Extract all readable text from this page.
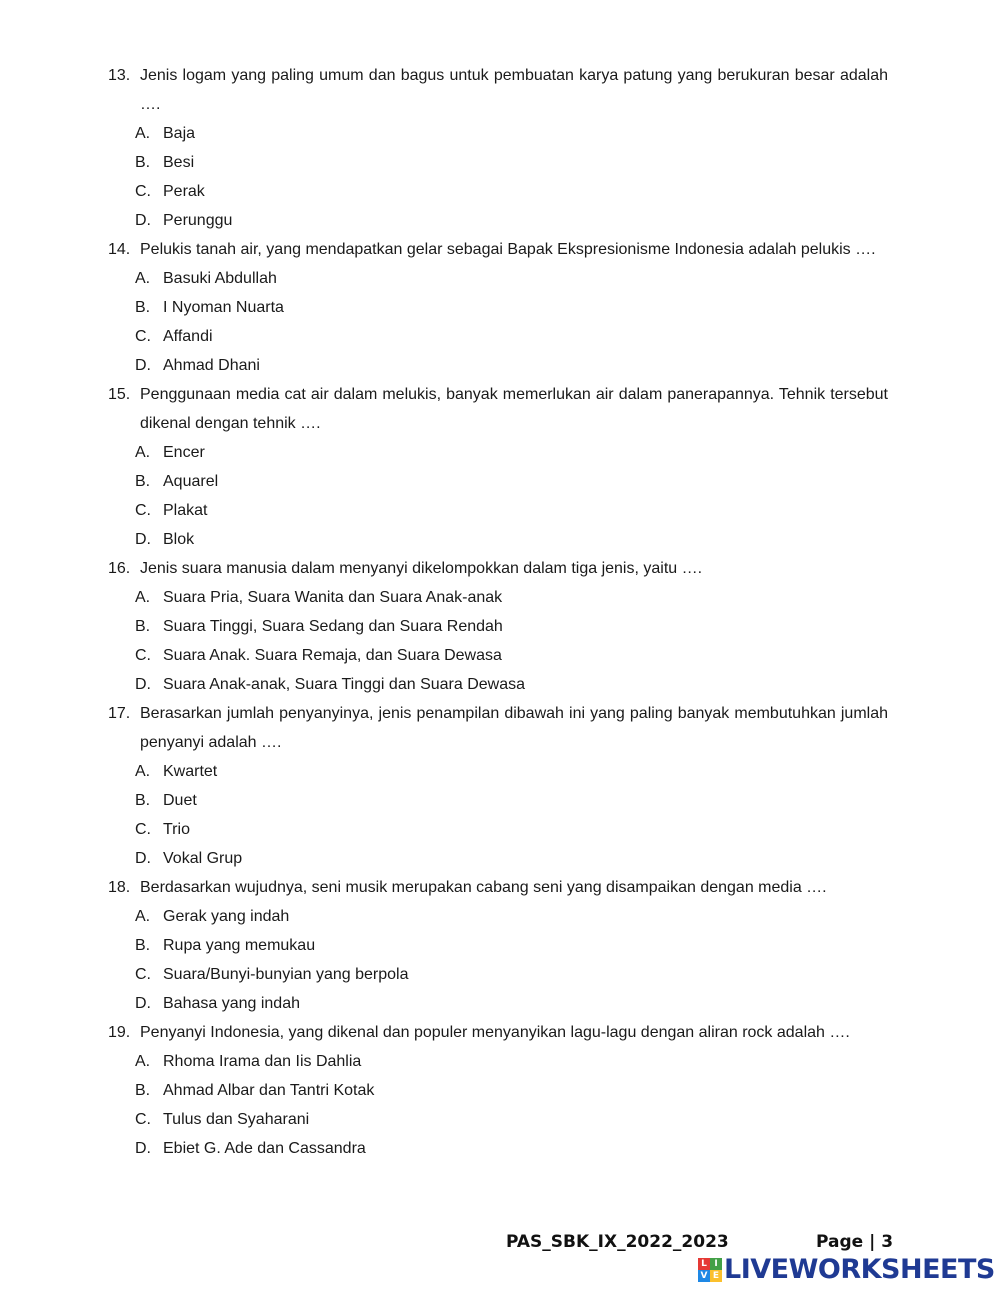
13. Jenis logam yang paling umum dan bagus untuk pembuatan karya patung yang berukuran besar adalah ….
A. Baja
B. Besi
C. Perak
D. Perunggu
14. Pelukis tanah air, yang mendapatkan gelar sebagai Bapak Ekspresionisme Indonesia adalah pelukis ….
A. Basuki Abdullah
B. I Nyoman Nuarta
C. Affandi
D. Ahmad Dhani
15. Penggunaan media cat air dalam melukis, banyak memerlukan air dalam panerapannya. Tehnik tersebut dikenal dengan tehnik ….
A. Encer
B. Aquarel
C. Plakat
D. Blok
16. Jenis suara manusia dalam menyanyi dikelompokkan dalam tiga jenis, yaitu ….
A. Suara Pria, Suara Wanita dan Suara Anak-anak
B. Suara Tinggi, Suara Sedang dan Suara Rendah
C. Suara Anak. Suara Remaja, dan Suara Dewasa
D. Suara Anak-anak, Suara Tinggi dan Suara Dewasa
17. Berasarkan jumlah penyanyinya, jenis penampilan dibawah ini yang paling banyak membutuhkan jumlah penyanyi adalah ….
A. Kwartet
B. Duet
C. Trio
D. Vokal Grup
18. Berdasarkan wujudnya, seni musik merupakan cabang seni yang disampaikan dengan media ….
A. Gerak yang indah
B. Rupa yang memukau
C. Suara/Bunyi-bunyian yang berpola
D. Bahasa yang indah
19. Penyanyi Indonesia, yang dikenal dan populer menyanyikan lagu-lagu dengan aliran rock adalah ….
A. Rhoma Irama dan Iis Dahlia
B. Ahmad Albar dan Tantri Kotak
C. Tulus dan Syaharani
D. Ebiet G. Ade dan Cassandra
PAS_SBK_IX_2022_2023	Page | 3
L I
V E LIVEWORKSHEETS
